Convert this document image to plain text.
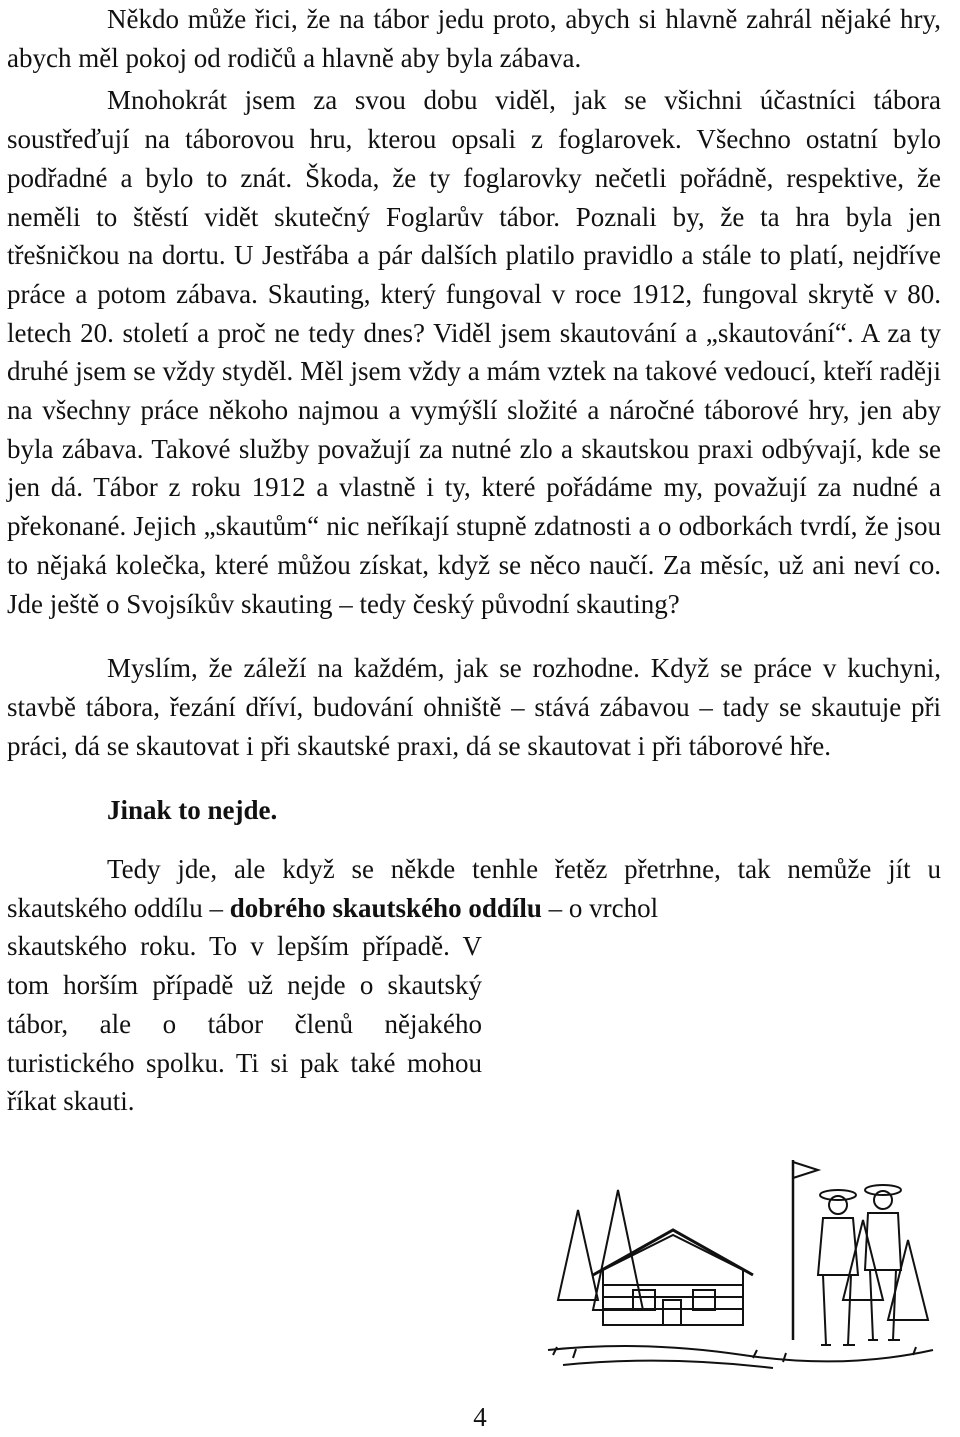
Někdo může řici, že na tábor jedu proto, abych si hlavně zahrál nějaké hry, abych měl pokoj od rodičů a hlavně aby byla zábava.

Mnohokrát jsem za svou dobu viděl, jak se všichni účastníci tábora soustřeďují na táborovou hru, kterou opsali z foglarovek. Všechno ostatní bylo podřadné a bylo to znát. Škoda, že ty foglarovky nečetli pořádně, respektive, že neměli to štěstí vidět skutečný Foglarův tábor. Poznali by, že ta hra byla jen třešničkou na dortu. U Jestřába a pár dalších platilo pravidlo a stále to platí, nejdříve práce a potom zábava. Skauting, který fungoval v roce 1912, fungoval skrytě v 80. letech 20. století a proč ne tedy dnes? Viděl jsem skautování a „skautování“. A za ty druhé jsem se vždy styděl. Měl jsem vždy a mám vztek na takové vedoucí, kteří raději na všechny práce někoho najmou a vymýšlí složité a náročné táborové hry, jen aby byla zábava. Takové služby považují za nutné zlo a skautskou praxi odbývají, kde se jen dá. Tábor z roku 1912 a vlastně i ty, které pořádáme my, považují za nudné a překonané. Jejich „skautům“ nic neříkají stupně zdatnosti a o odborkách tvrdí, že jsou to nějaká kolečka, které můžou získat, když se něco naučí. Za měsíc, už ani neví co. Jde ještě o Svojsíkův skauting – tedy český původní skauting?

Myslím, že záleží na každém, jak se rozhodne. Když se práce v kuchyni, stavbě tábora, řezání dříví, budování ohniště – stává zábavou – tady se skautuje při práci, dá se skautovat i při skautské praxi, dá se skautovat i při táborové hře.

Jinak to nejde.

Tedy jde, ale když se někde tenhle řetěz přetrhne, tak nemůže jít u skautského oddílu – dobrého skautského oddílu – o vrchol

skautského roku. To v lepším případě. V tom horším případě už nejde o skautský tábor, ale o tábor členů nějakého turistického spolku. Ti si pak také mohou říkat skauti.

4
